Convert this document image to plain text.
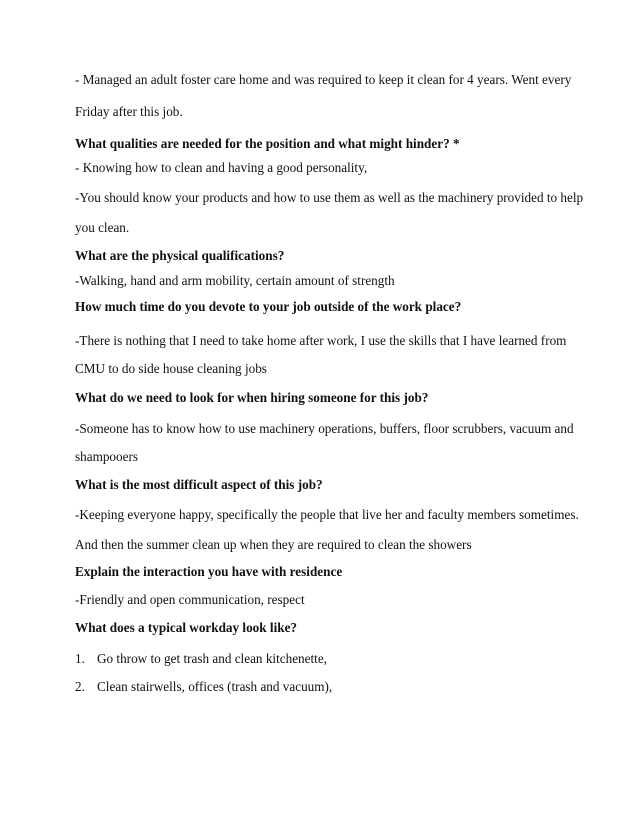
- Managed an adult foster care home and was required to keep it clean for 4 years. Went every
Friday after this job.
What qualities are needed for the position and what might hinder? *
- Knowing how to clean and having a good personality,
-You should know your products and how to use them as well as the machinery provided to help
you clean.
What are the physical qualifications?
-Walking, hand and arm mobility, certain amount of strength
How much time do you devote to your job outside of the work place?
-There is nothing that I need to take home after work, I use the skills that I have learned from
CMU to do side house cleaning jobs
What do we need to look for when hiring someone for this job?
-Someone has to know how to use machinery operations, buffers, floor scrubbers, vacuum and
shampooers
What is the most difficult aspect of this job?
-Keeping everyone happy, specifically the people that live her and faculty members sometimes.
And then the summer clean up when they are required to clean the showers
Explain the interaction you have with residence
-Friendly and open communication, respect
What does a typical workday look like?
1. Go throw to get trash and clean kitchenette,
2. Clean stairwells, offices (trash and vacuum),
